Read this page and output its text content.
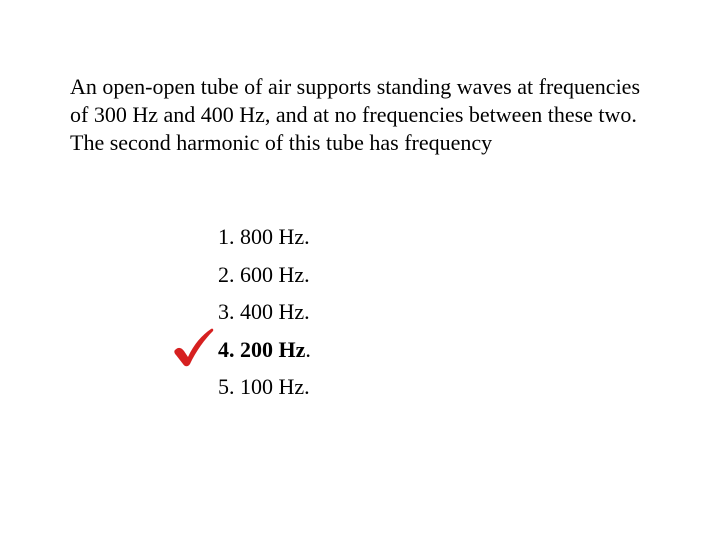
An open-open tube of air supports standing waves at frequencies of 300 Hz and 400 Hz, and at no frequencies between these two. The second harmonic of this tube has frequency

1. 800 Hz.
2. 600 Hz.
3. 400 Hz.
4. 200 Hz.
5. 100 Hz.
